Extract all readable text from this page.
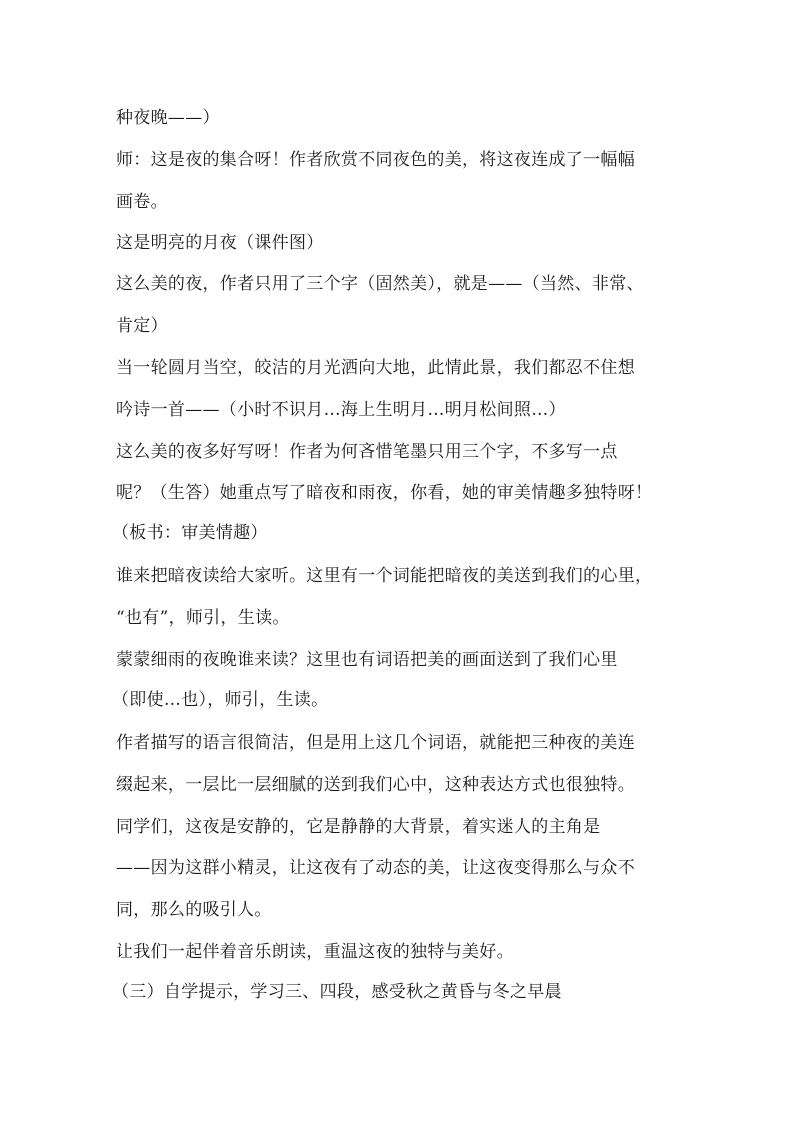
种夜晚——）
师：这是夜的集合呀！作者欣赏不同夜色的美，将这夜连成了一幅幅
画卷。
这是明亮的月夜（课件图）
这么美的夜，作者只用了三个字（固然美），就是——（当然、非常、
肯定）
当一轮圆月当空，皎洁的月光洒向大地，此情此景，我们都忍不住想
吟诗一首——（小时不识月…海上生明月…明月松间照…）
这么美的夜多好写呀！作者为何吝惜笔墨只用三个字，不多写一点
呢？（生答）她重点写了暗夜和雨夜，你看，她的审美情趣多独特呀！
（板书：审美情趣）
谁来把暗夜读给大家听。这里有一个词能把暗夜的美送到我们的心里，
“也有”，师引，生读。
蒙蒙细雨的夜晚谁来读？这里也有词语把美的画面送到了我们心里
（即使…也），师引，生读。
作者描写的语言很简洁，但是用上这几个词语，就能把三种夜的美连
缀起来，一层比一层细腻的送到我们心中，这种表达方式也很独特。
同学们，这夜是安静的，它是静静的大背景，着实迷人的主角是
——因为这群小精灵，让这夜有了动态的美，让这夜变得那么与众不
同，那么的吸引人。
让我们一起伴着音乐朗读，重温这夜的独特与美好。
（三）自学提示，学习三、四段，感受秋之黄昏与冬之早晨
